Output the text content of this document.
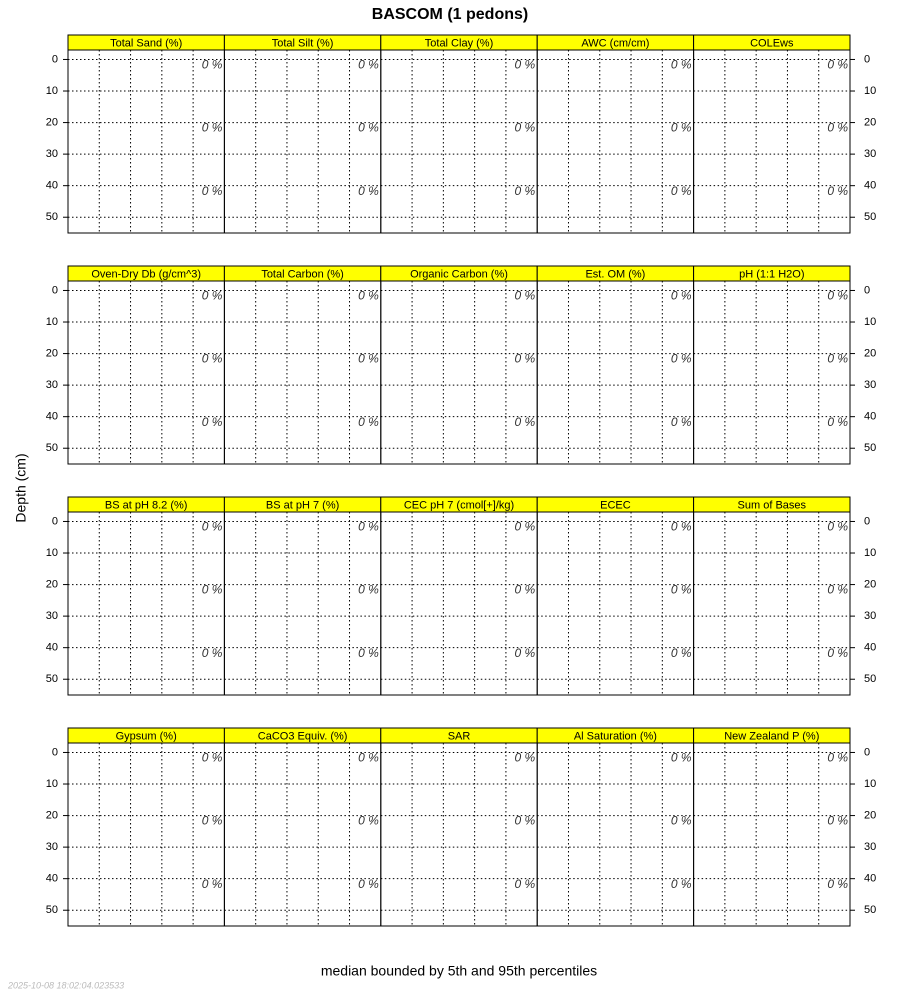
BASCOM (1 pedons)
Depth (cm)
median bounded by 5th and 95th percentiles
2025-10-08 18:02:04.023533
0 %
0 %
0 %
Total Sand (%)
0 %
0 %
0 %
Total Silt (%)
0 %
0 %
0 %
Total Clay (%)
0 %
0 %
0 %
AWC (cm/cm)
0 %
0 %
0 %
COLEws
0	0
10	10
20	20
30	30
40	40
50	50
0 %
0 %
0 %
Oven-Dry Db (g/cm^3)
0 %
0 %
0 %
Total Carbon (%)
0 %
0 %
0 %
Organic Carbon (%)
0 %
0 %
0 %
Est. OM (%)
0 %
0 %
0 %
pH (1:1 H2O)
0	0
10	10
20	20
30	30
40	40
50	50
0 %
0 %
0 %
BS at pH 8.2 (%)
0 %
0 %
0 %
BS at pH 7 (%)
0 %
0 %
0 %
CEC pH 7 (cmol[+]/kg)
0 %
0 %
0 %
ECEC
0 %
0 %
0 %
Sum of Bases
0	0
10	10
20	20
30	30
40	40
50	50
0 %
0 %
0 %
Gypsum (%)
0 %
0 %
0 %
CaCO3 Equiv. (%)
0 %
0 %
0 %
SAR
0 %
0 %
0 %
Al Saturation (%)
0 %
0 %
0 %
New Zealand P (%)
0	0
10	10
20	20
30	30
40	40
50	50
